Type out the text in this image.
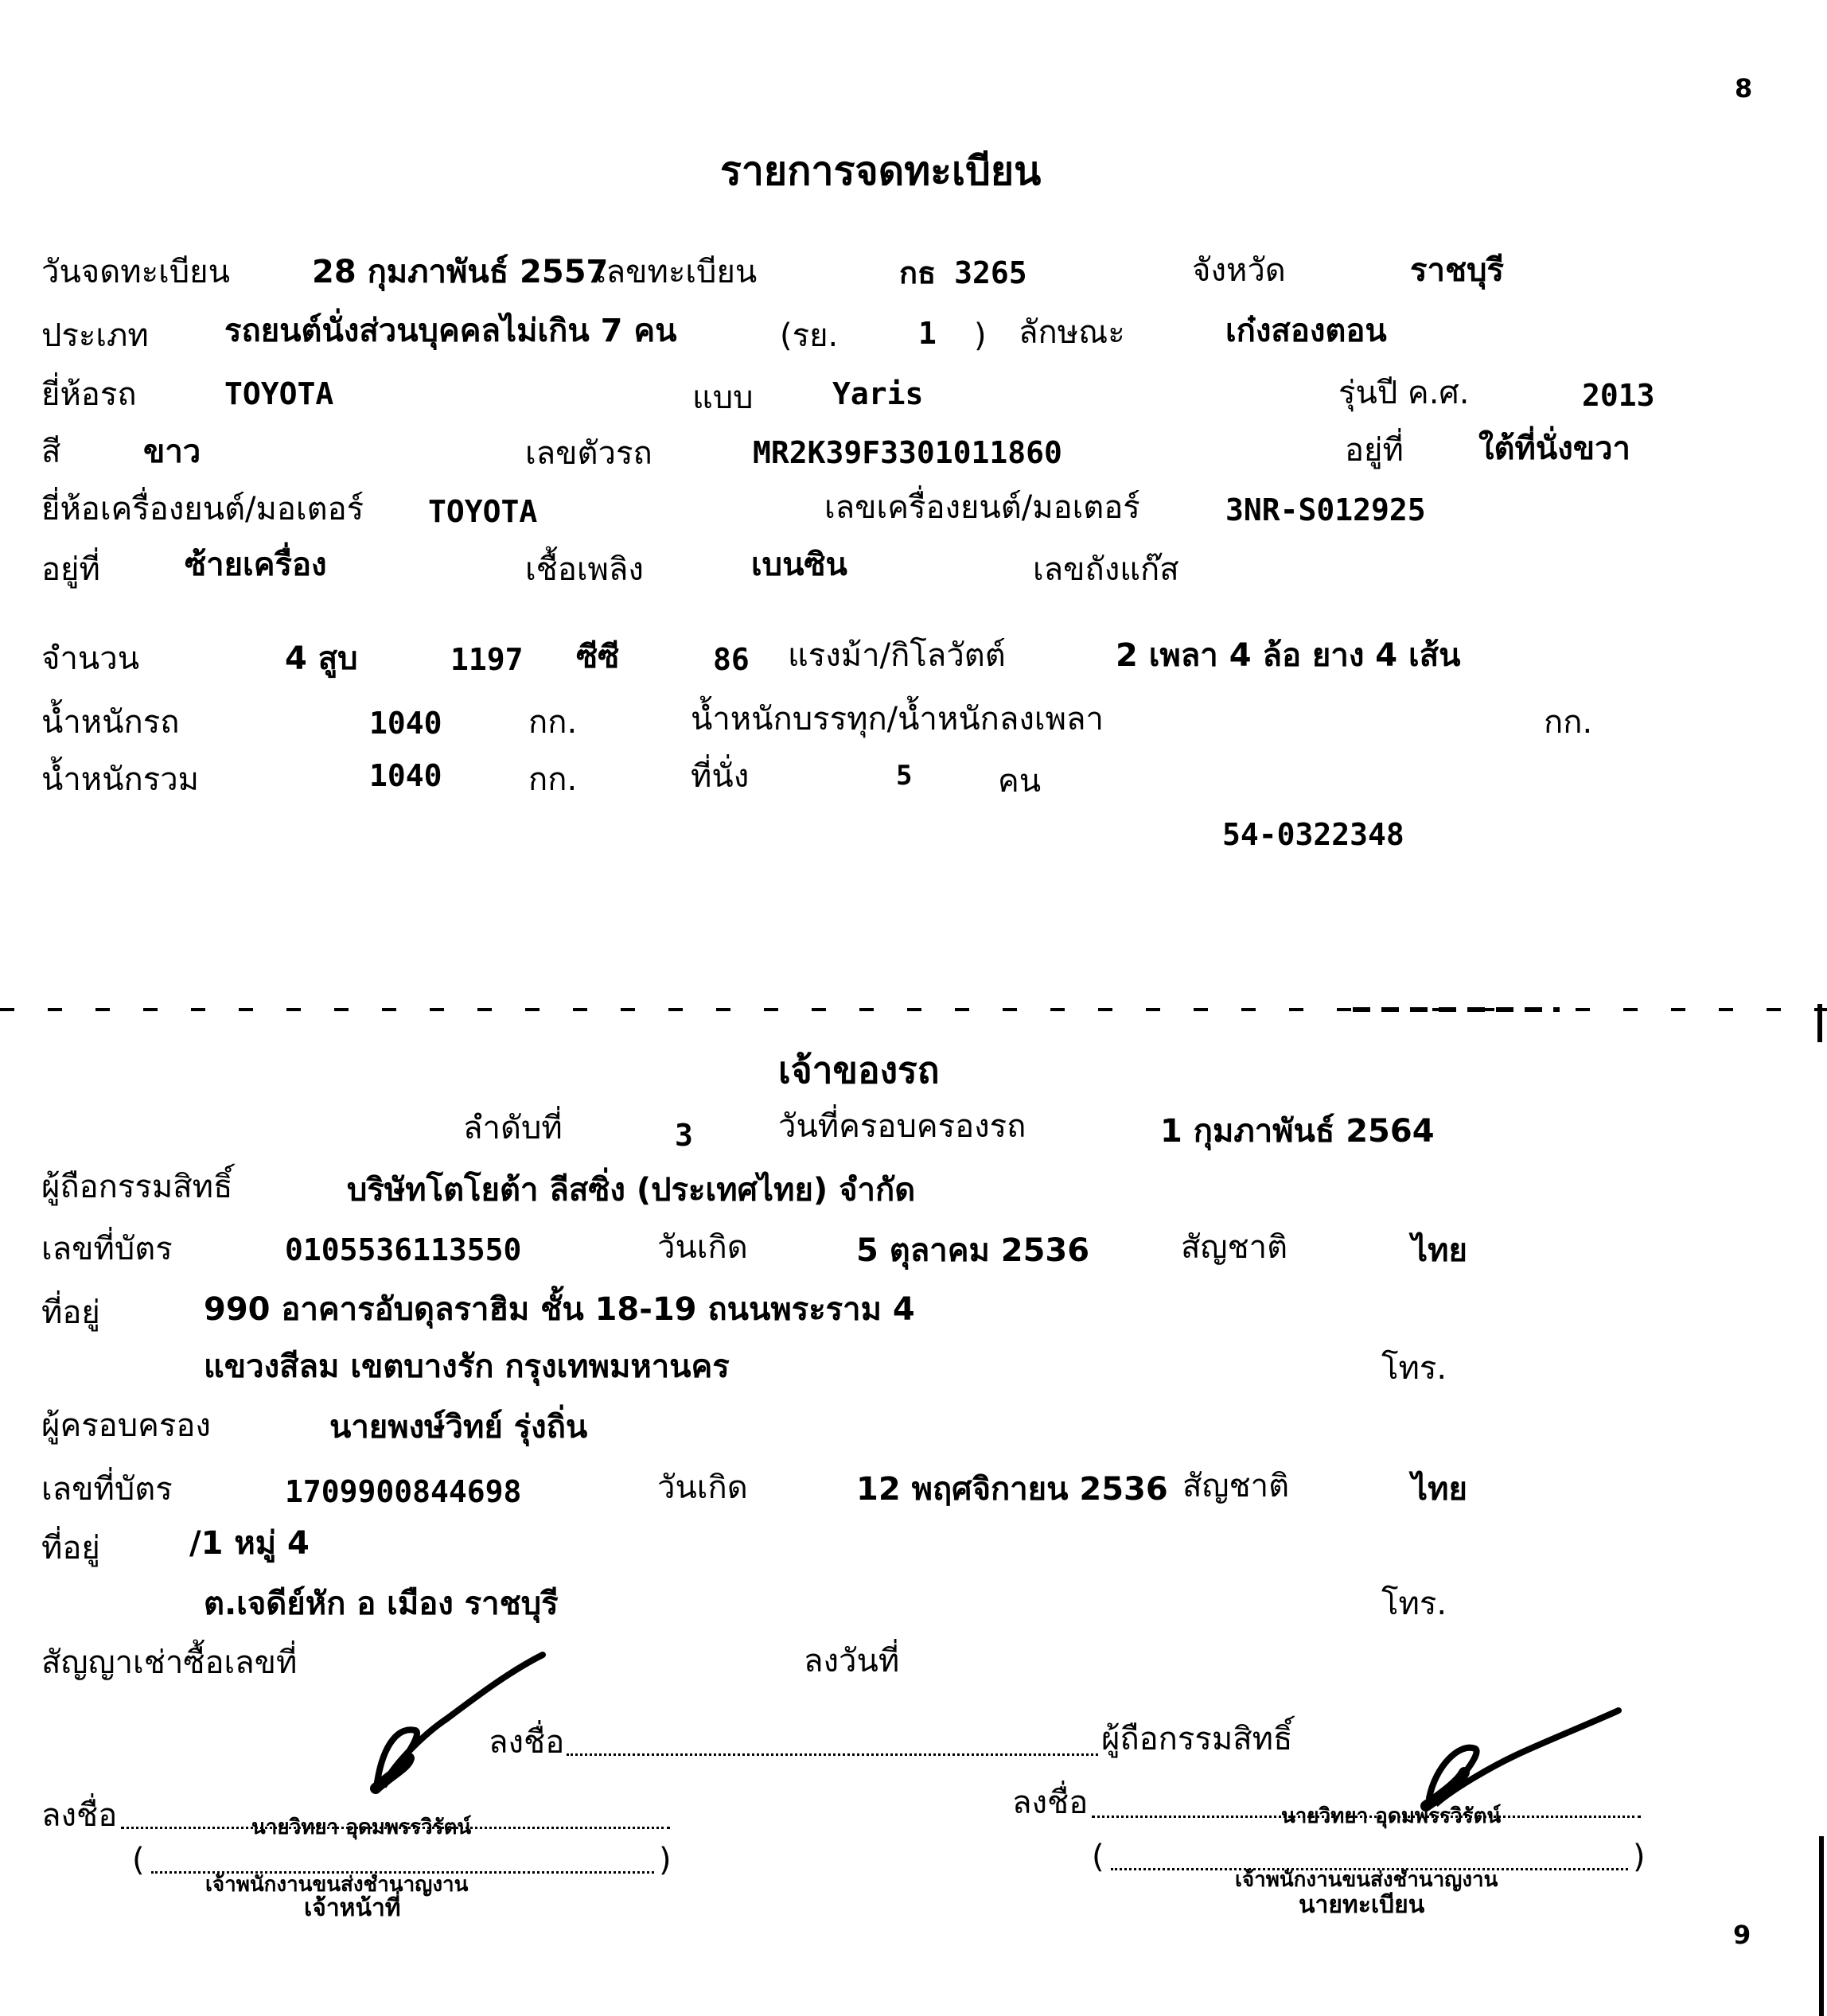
8
9
รายการจดทะเบียน
วันจดทะเบียน	28 กุมภาพันธ์ 2557
เลขทะเบียน	กธ 3265	จังหวัด	ราชบุรี
ประเภท รถยนต์นั่งส่วนบุคคลไม่เกิน 7 คน	(รย.	1 ) ลักษณะ	เก๋งสองตอน
ยี่ห้อรถ	TOYOTA	แบบ	Yaris	รุ่นปี ค.ศ.	2013
สี	ขาว	เลขตัวรถ	MR2K39F3301011860	อยู่ที่ ใต้ที่นั่งขวา
ยี่ห้อเครื่องยนต์/มอเตอร์ TOYOTA	เลขเครื่องยนต์/มอเตอร์	3NR-S012925
อยู่ที่	ซ้ายเครื่อง	เชื้อเพลิง	เบนซิน	เลขถังแก๊ส
จำนวน	4 สูบ	1197 ซีซี	86 แรงม้า/กิโลวัตต์	2 เพลา 4 ล้อ ยาง 4 เส้น
น้ำหนักรถ	1040	กก.	น้ำหนักบรรทุก/น้ำหนักลงเพลา	กก.
น้ำหนักรวม	1040	กก.	ที่นั่ง	5	คน
54-0322348
เจ้าของรถ
ลำดับที่	3	วันที่ครอบครองรถ	1 กุมภาพันธ์ 2564
ผู้ถือกรรมสิทธิ์	บริษัทโตโยต้า ลีสซิ่ง (ประเทศไทย) จำกัด
เลขที่บัตร	0105536113550	วันเกิด	5 ตุลาคม 2536	สัญชาติ	ไทย
ที่อยู่	990 อาคารอับดุลราฮิม ชั้น 18-19 ถนนพระราม 4
แขวงสีลม เขตบางรัก กรุงเทพมหานคร	โทร.
ผู้ครอบครอง	นายพงษ์วิทย์ รุ่งถิ่น
เลขที่บัตร	1709900844698	วันเกิด	12 พฤศจิกายน 2536 สัญชาติ	ไทย
ที่อยู่	/1 หมู่ 4
ต.เจดีย์หัก อ เมือง ราชบุรี	โทร.
สัญญาเช่าซื้อเลขที่	ลงวันที่
ลงชื่อ	ผู้ถือกรรมสิทธิ์
ลงชื่อ	นายวิทยา อุดมพรรวิรัตน์
(	)
เจ้าพนักงานขนส่งชำนาญงาน
เจ้าหน้าที่
ลงชื่อ	นายวิทยา อุดมพรรวิรัตน์
(	)
เจ้าพนักงานขนส่งชำนาญงาน
นายทะเบียน
